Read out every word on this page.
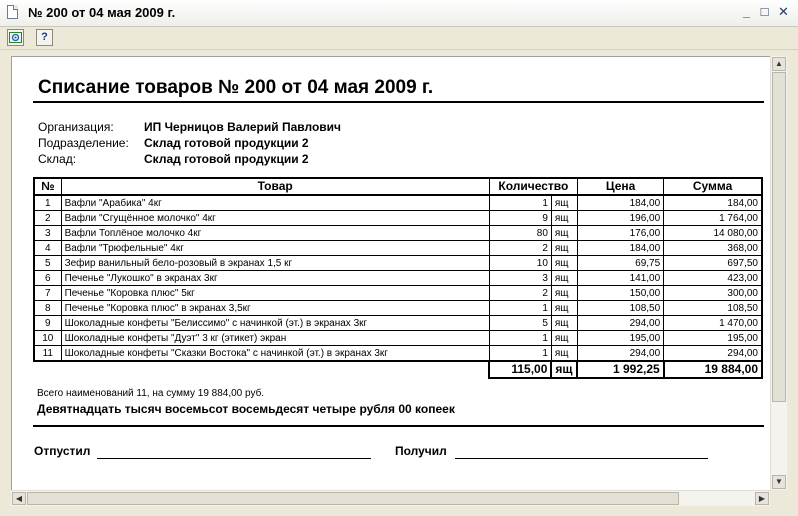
№ 200 от 04 мая 2009 г.	_ □ ✕
?
Списание товаров № 200 от 04 мая 2009 г.
Организация:	ИП Черницов Валерий Павлович
Подразделение: Склад готовой продукции 2
Склад:	Склад готовой продукции 2
№	Товар	Количество		Цена	Сумма
1	Вафли "Арабика" 4кг	1	ящ	184,00	184,00
2	Вафли "Сгущённое молочко" 4кг	9	ящ	196,00	1 764,00
3	Вафли Топлёное молочко 4кг	80	ящ	176,00	14 080,00
4	Вафли "Трюфельные" 4кг	2	ящ	184,00	368,00
5	Зефир ванильный бело-розовый в экранах 1,5 кг	10	ящ	69,75	697,50
6	Печенье "Лукошко" в экранах 3кг	3	ящ	141,00	423,00
7	Печенье "Коровка плюс" 5кг	2	ящ	150,00	300,00
8	Печенье "Коровка плюс" в экранах 3,5кг	1	ящ	108,50	108,50
9	Шоколадные конфеты "Белиссимо" с начинкой (эт.) в экранах 3кг	5	ящ	294,00	1 470,00
10	Шоколадные конфеты "Дуэт" 3 кг (этикет) экран	1	ящ	195,00	195,00
11	Шоколадные конфеты "Сказки Востока" с начинкой (эт.) в экранах 3кг	1	ящ	294,00	294,00
		115,00	ящ	1 992,25	19 884,00
Всего наименований 11, на сумму 19 884,00 руб.
Девятнадцать тысяч восемьсот восемьдесят четыре рубля 00 копеек
Отпустил	Получил
▲
▼
◀	▶
